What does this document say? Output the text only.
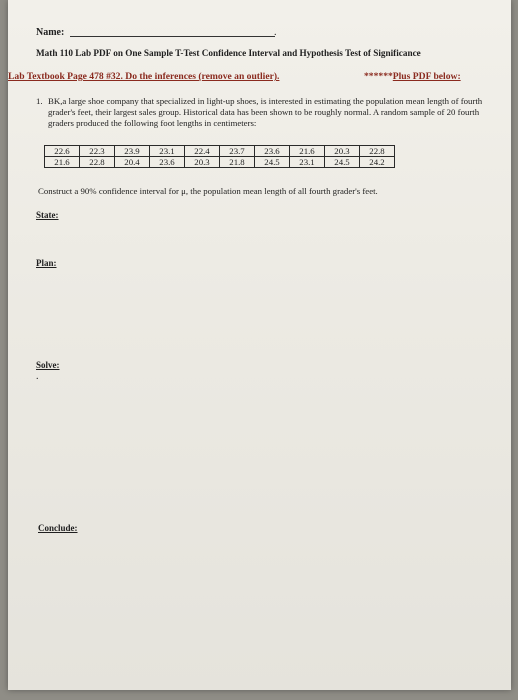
Name:	.
Math 110 Lab PDF on One Sample T-Test Confidence Interval and Hypothesis Test of Significance
Lab Textbook Page 478 #32. Do the inferences (remove an outlier).	******Plus PDF below:
1. BK,a large shoe company that specialized in light-up shoes, is interested in estimating the population mean length of fourth grader's feet, their largest sales group. Historical data has been shown to be roughly normal. A random sample of 20 fourth graders produced the following foot lengths in centimeters:
22.6	22.3	23.9	23.1	22.4	23.7	23.6	21.6	20.3	22.8
21.6	22.8	20.4	23.6	20.3	21.8	24.5	23.1	24.5	24.2
Construct a 90% confidence interval for μ, the population mean length of all fourth grader's feet.
State:
Plan:
Solve:
.
Conclude:
